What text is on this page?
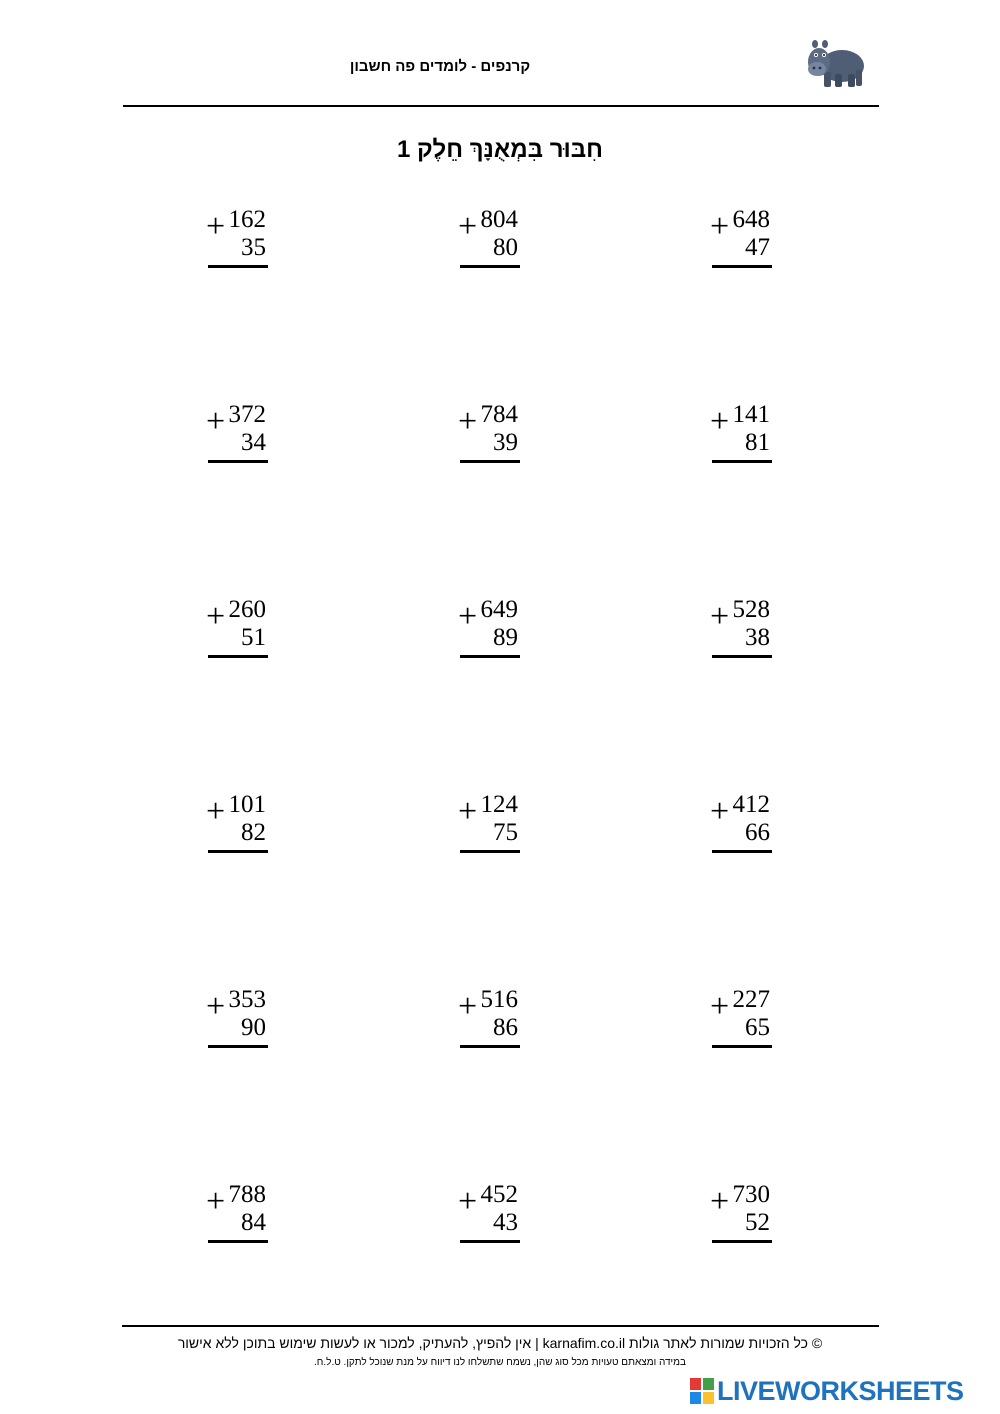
קרנפים - לומדים פה חשבון
חִבּוּר בִּמְאֻנָּךְ חֵלֶק 1
+ 648
47
+ 804
80
+ 162
35
+ 141
81
+ 784
39
+ 372
34
+ 528
38
+ 649
89
+ 260
51
+ 412
66
+ 124
75
+ 101
82
+ 227
65
+ 516
86
+ 353
90
+ 730
52
+ 452
43
+ 788
84
© כל הזכויות שמורות לאתר גולות karnafim.co.il | אין להפיץ, להעתיק, למכור או לעשות שימוש בתוכן ללא אישור
במידה ומצאתם טעויות מכל סוג שהן, נשמח שתשלחו לנו דיווח על מנת שנוכל לתקן. ט.ל.ח.
LIVEWORKSHEETS
